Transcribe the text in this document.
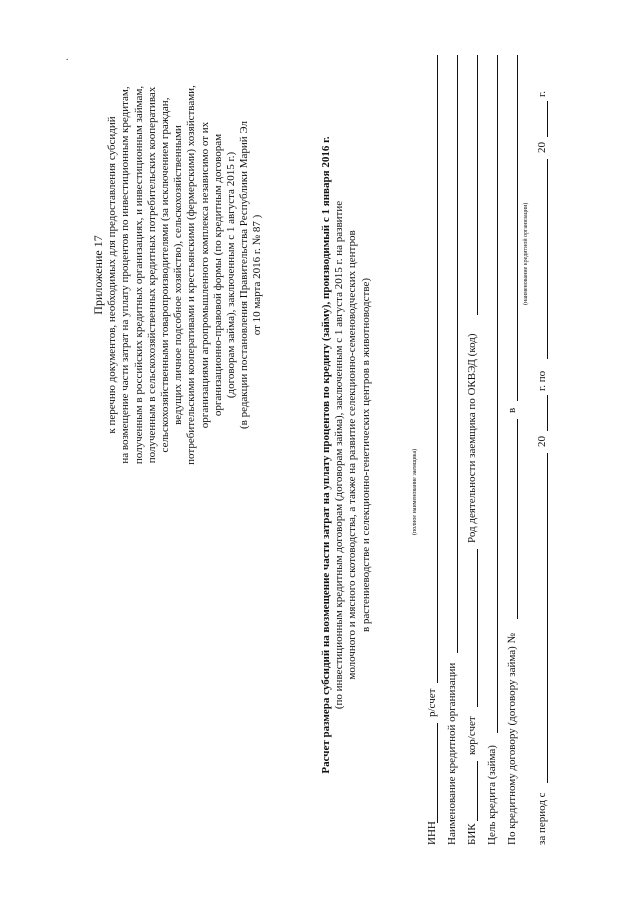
.
Приложение 17 к перечню документов, необходимых для предоставления субсидий на возмещение части затрат на уплату процентов по инвестиционным кредитам, полученным в российских кредитных организациях, и инвестиционным займам, полученным в сельскохозяйственных кредитных потребительских кооперативах сельскохозяйственными товаропроизводителями (за исключением граждан, ведущих личное подсобное хозяйство), сельскохозяйственными потребительскими кооперативами и крестьянскими (фермерскими) хозяйствами, организациями агропромышленного комплекса независимо от их организационно-правовой формы (по кредитным договорам (договорам займа), заключенным с 1 августа 2015 г.) (в редакции постановления Правительства Республики Марий Эл от 10 марта 2016 г. № 87 )	Расчет размера субсидий на возмещение части затрат на уплату процентов по кредиту (займу), производимый с 1 января 2016 г. (по инвестиционным кредитным договорам (договорам займа), заключенным с 1 августа 2015 г. на развитие молочного и мясного скотоводства, а также на развитие селекционно-семеноводческих центров в растениеводстве и селекционно-генетических центров в животноводстве)	(полное наименование заемщика)
ИНН
р/счет Наименование кредитной организации БИК
кор/счет
Род деятельности заемщика по ОКВЭД (код)
Цель кредита (займа) По кредитному договору (договору займа) №
в
(наименование кредитной организации)
за период с
20
г. по
20
г.
